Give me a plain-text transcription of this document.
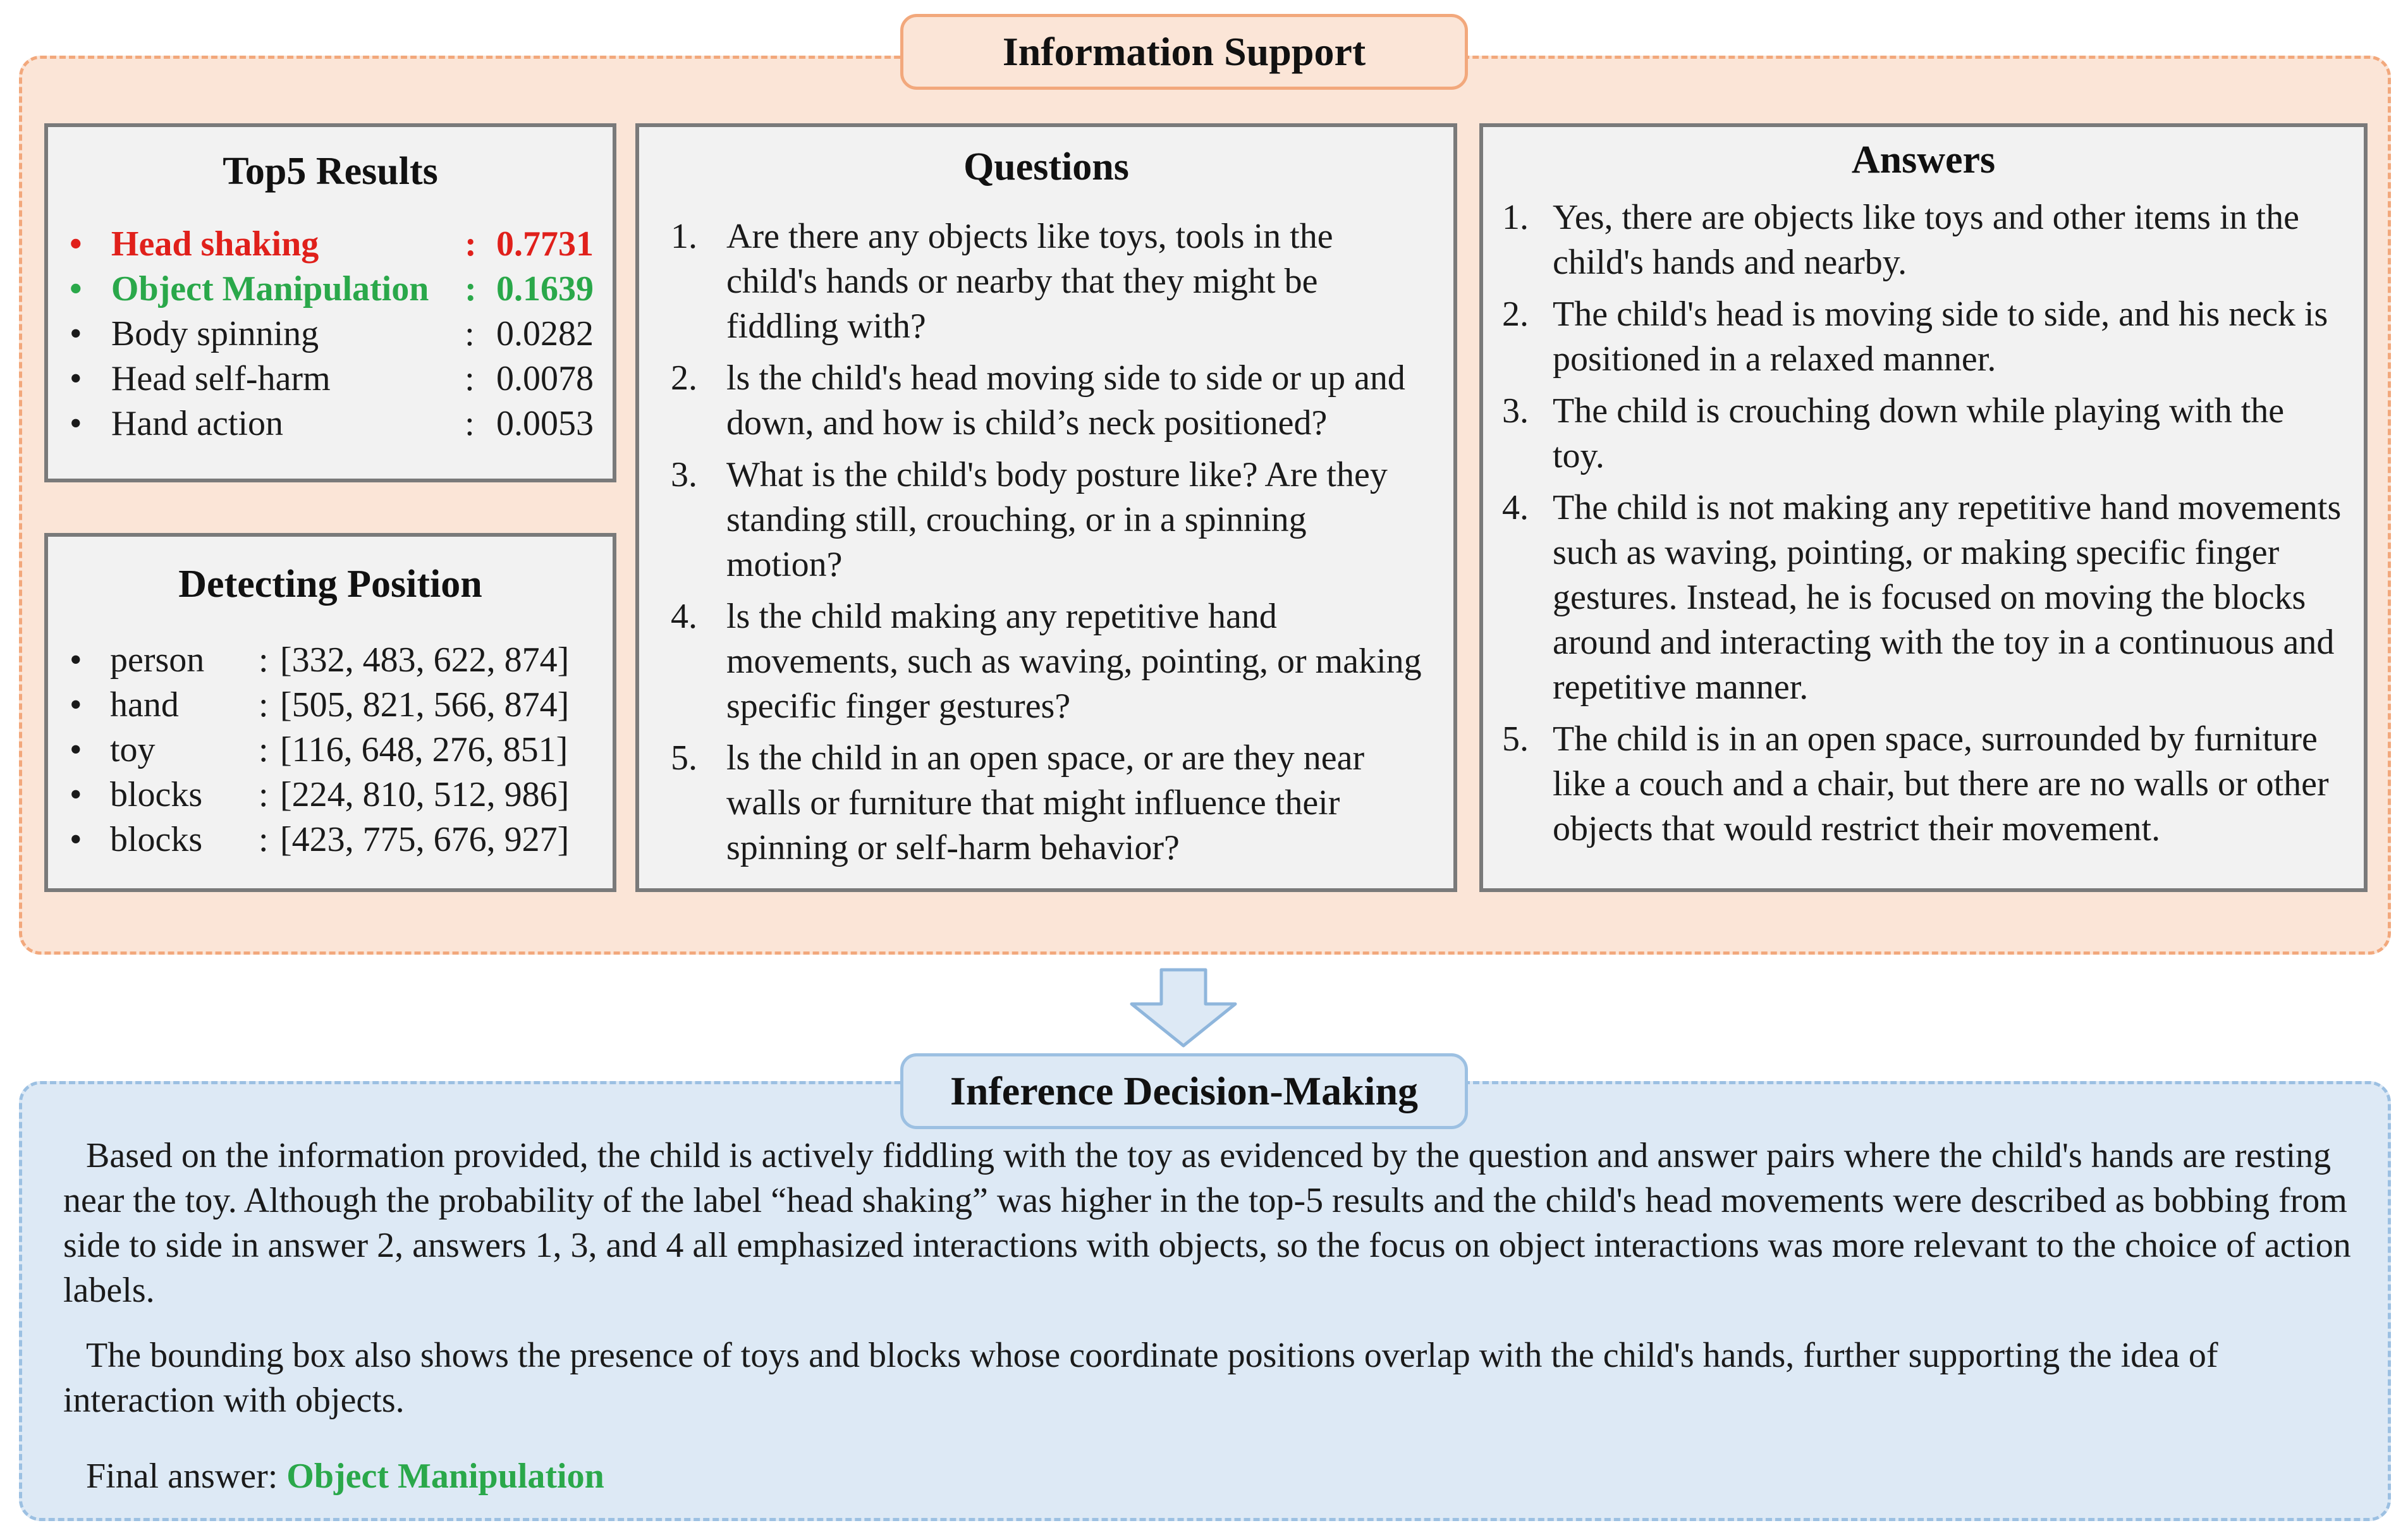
Information Support
Top5 Results
• Head shaking	: 0.7731
• Object Manipulation	: 0.1639
• Body spinning	: 0.0282
• Head self-harm	: 0.0078
• Hand action	: 0.0053
Detecting Position
• person	: [332, 483, 622, 874]
• hand	: [505, 821, 566, 874]
• toy	: [116, 648, 276, 851]
• blocks	: [224, 810, 512, 986]
• blocks	: [423, 775, 676, 927]
Questions
1. Are there any objects like toys, tools in the child's hands or nearby that they might be fiddling with?
2. ls the child's head moving side to side or up and down, and how is child’s neck positioned?
3. What is the child's body posture like? Are they standing still, crouching, or in a spinning motion?
4. ls the child making any repetitive hand movements, such as waving, pointing, or making specific finger gestures?
5. ls the child in an open space, or are they near walls or furniture that might influence their spinning or self-harm behavior?
Answers
1. Yes, there are objects like toys and other items in the child's hands and nearby.
2. The child's head is moving side to side, and his neck is positioned in a relaxed manner.
3. The child is crouching down while playing with the toy.
4. The child is not making any repetitive hand movements such as waving, pointing, or making specific finger gestures. Instead, he is focused on moving the blocks around and interacting with the toy in a continuous and repetitive manner.
5. The child is in an open space, surrounded by furniture like a couch and a chair, but there are no walls or other objects that would restrict their movement.
Inference Decision-Making

Based on the information provided, the child is actively fiddling with the toy as evidenced by the question and answer pairs where the child's hands are resting near the toy. Although the probability of the label “head shaking” was higher in the top-5 results and the child's head movements were described as bobbing from side to side in answer 2, answers 1, 3, and 4 all emphasized interactions with objects, so the focus on object interactions was more relevant to the choice of action labels.

The bounding box also shows the presence of toys and blocks whose coordinate positions overlap with the child's hands, further supporting the idea of interaction with objects.

Final answer: Object Manipulation
